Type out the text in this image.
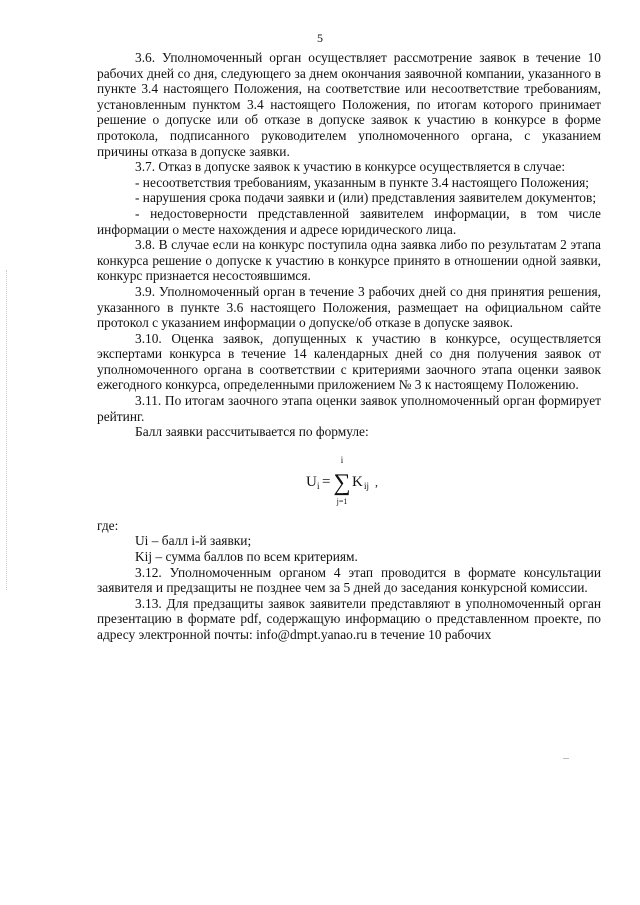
5

3.6. Уполномоченный орган осуществляет рассмотрение заявок в течение 10 рабочих дней со дня, следующего за днем окончания заявочной компании, указанного в пункте 3.4 настоящего Положения, на соответствие или несоответствие требованиям, установленным пунктом 3.4 настоящего Положения, по итогам которого принимает решение о допуске или об отказе в допуске заявок к участию в конкурсе в форме протокола, подписанного руководителем уполномоченного органа, с указанием причины отказа в допуске заявки.

3.7. Отказ в допуске заявок к участию в конкурсе осуществляется в случае:

- несоответствия требованиям, указанным в пункте 3.4 настоящего Положения;

- нарушения срока подачи заявки и (или) представления заявителем документов;

- недостоверности представленной заявителем информации, в том числе информации о месте нахождения и адресе юридического лица.

3.8. В случае если на конкурс поступила одна заявка либо по результатам 2 этапа конкурса решение о допуске к участию в конкурсе принято в отношении одной заявки, конкурс признается несостоявшимся.

3.9. Уполномоченный орган в течение 3 рабочих дней со дня принятия решения, указанного в пункте 3.6 настоящего Положения, размещает на официальном сайте протокол с указанием информации о допуске/об отказе в допуске заявок.

3.10. Оценка заявок, допущенных к участию в конкурсе, осуществляется экспертами конкурса в течение 14 календарных дней со дня получения заявок от уполномоченного органа в соответствии с критериями заочного этапа оценки заявок ежегодного конкурса, определенными приложением № 3 к настоящему Положению.

3.11. По итогам заочного этапа оценки заявок уполномоченный орган формирует рейтинг.

Балл заявки рассчитывается по формуле:

U i =
i
∑
j=1
K ij ,

где:

Ui – балл i-й заявки;

Kij – сумма баллов по всем критериям.

3.12. Уполномоченным органом 4 этап проводится в формате консультации заявителя и предзащиты не позднее чем за 5 дней до заседания конкурсной комиссии.

3.13. Для предзащиты заявок заявители представляют в уполномоченный орган презентацию в формате pdf, содержащую информацию о представленном проекте, по адресу электронной почты: info@dmpt.yanao.ru в течение 10 рабочих
